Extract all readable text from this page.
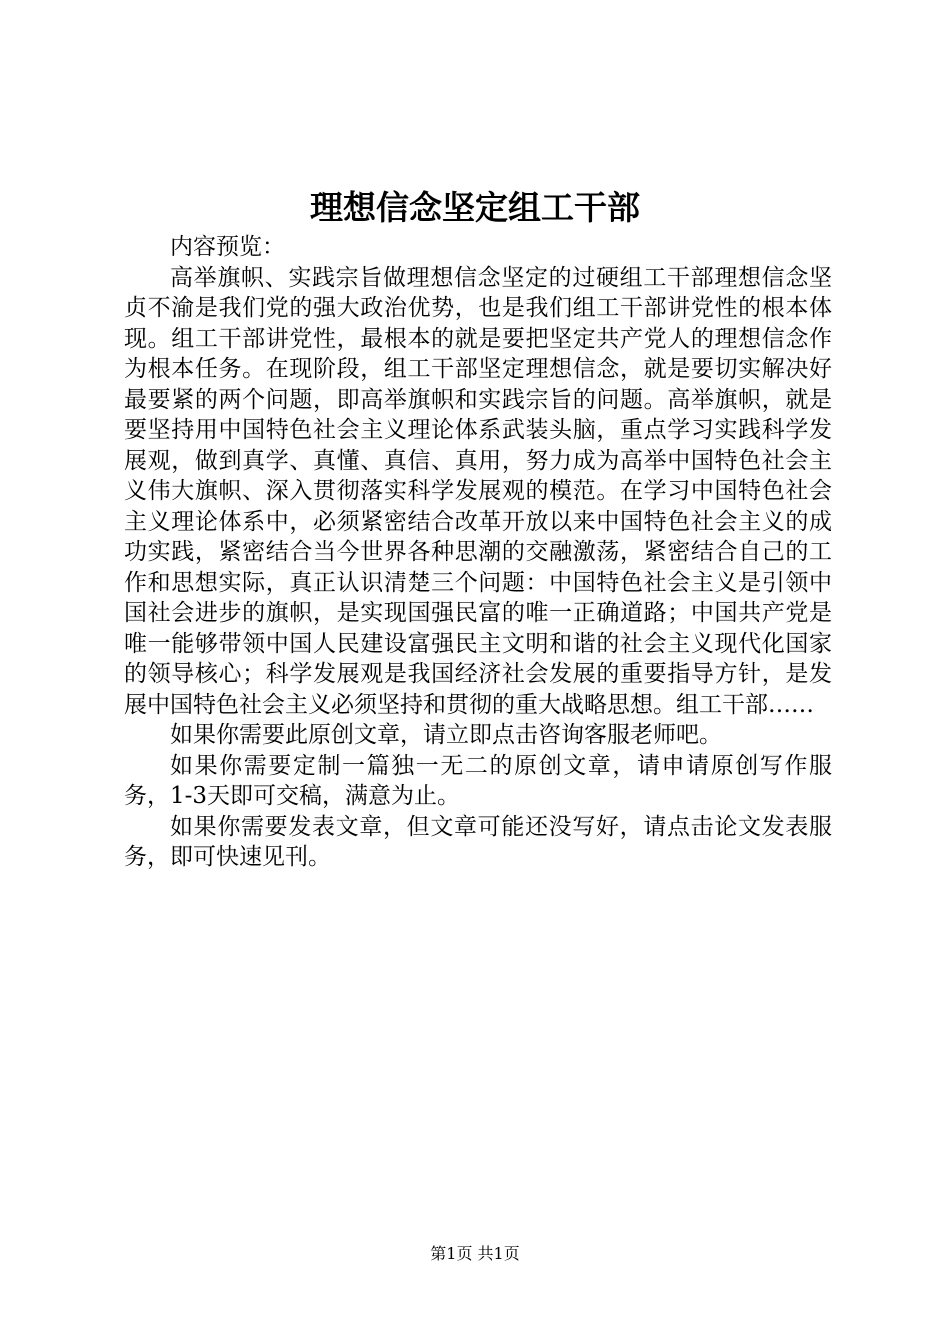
理想信念坚定组工干部

内容预览：

高举旗帜、实践宗旨做理想信念坚定的过硬组工干部理想信念坚贞不渝是我们党的强大政治优势，也是我们组工干部讲党性的根本体现。组工干部讲党性，最根本的就是要把坚定共产党人的理想信念作为根本任务。在现阶段，组工干部坚定理想信念，就是要切实解决好最要紧的两个问题，即高举旗帜和实践宗旨的问题。高举旗帜，就是要坚持用中国特色社会主义理论体系武装头脑，重点学习实践科学发展观，做到真学、真懂、真信、真用，努力成为高举中国特色社会主义伟大旗帜、深入贯彻落实科学发展观的模范。在学习中国特色社会主义理论体系中，必须紧密结合改革开放以来中国特色社会主义的成功实践，紧密结合当今世界各种思潮的交融激荡，紧密结合自己的工作和思想实际，真正认识清楚三个问题：中国特色社会主义是引领中国社会进步的旗帜，是实现国强民富的唯一正确道路；中国共产党是唯一能够带领中国人民建设富强民主文明和谐的社会主义现代化国家的领导核心；科学发展观是我国经济社会发展的重要指导方针，是发展中国特色社会主义必须坚持和贯彻的重大战略思想。组工干部……

如果你需要此原创文章，请立即点击咨询客服老师吧。

如果你需要定制一篇独一无二的原创文章，请申请原创写作服务，1-3天即可交稿，满意为止。

如果你需要发表文章，但文章可能还没写好，请点击论文发表服务，即可快速见刊。

第1页 共1页
